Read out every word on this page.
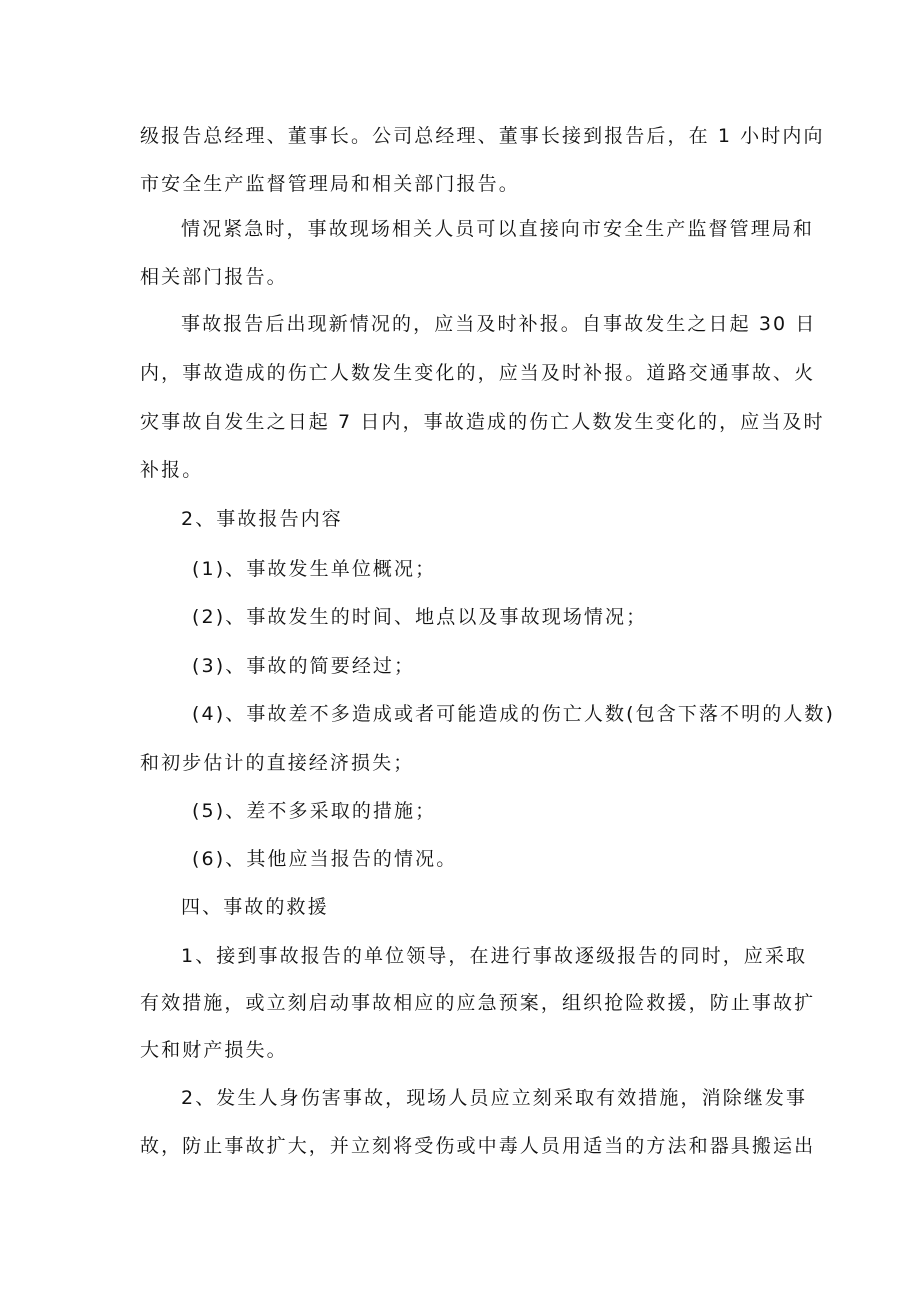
级报告总经理、董事长。公司总经理、董事长接到报告后，在 1 小时内向
市安全生产监督管理局和相关部门报告。
情况紧急时，事故现场相关人员可以直接向市安全生产监督管理局和
相关部门报告。
事故报告后出现新情况的，应当及时补报。自事故发生之日起 30 日
内，事故造成的伤亡人数发生变化的，应当及时补报。道路交通事故、火
灾事故自发生之日起 7 日内，事故造成的伤亡人数发生变化的，应当及时
补报。
2、事故报告内容
(1)、事故发生单位概况；
(2)、事故发生的时间、地点以及事故现场情况；
(3)、事故的简要经过；
(4)、事故差不多造成或者可能造成的伤亡人数(包含下落不明的人数)
和初步估计的直接经济损失；
(5)、差不多采取的措施；
(6)、其他应当报告的情况。
四、事故的救援
1、接到事故报告的单位领导，在进行事故逐级报告的同时，应采取
有效措施，或立刻启动事故相应的应急预案，组织抢险救援，防止事故扩
大和财产损失。
2、发生人身伤害事故，现场人员应立刻采取有效措施，消除继发事
故，防止事故扩大，并立刻将受伤或中毒人员用适当的方法和器具搬运出
